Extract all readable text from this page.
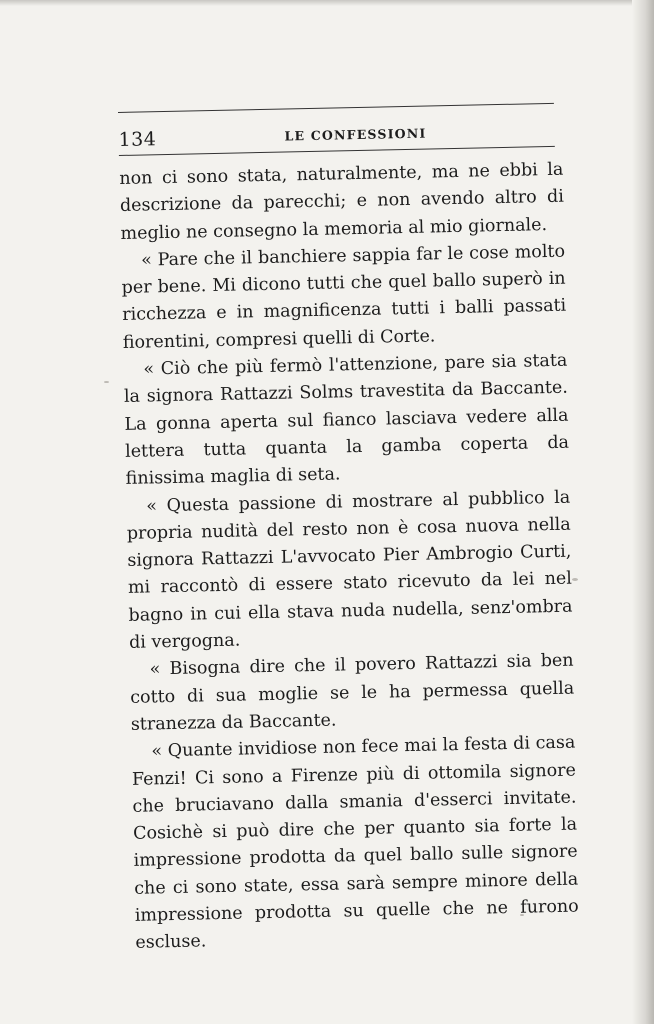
134	LE CONFESSIONI

non ci sono stata, naturalmente, ma ne ebbi la descrizione da parecchi; e non avendo altro di meglio ne consegno la memoria al mio giornale.

« Pare che il banchiere sappia far le cose molto per bene. Mi dicono tutti che quel ballo superò in ricchezza e in magnificenza tutti i balli passati fiorentini, compresi quelli di Corte.

« Ciò che più fermò l'attenzione, pare sia stata la signora Rattazzi Solms travestita da Baccante. La gonna aperta sul fianco lasciava vedere alla lettera tutta quanta la gamba coperta da finissima maglia di seta.

« Questa passione di mostrare al pubblico la propria nudità del resto non è cosa nuova nella signora Rattazzi L'avvocato Pier Ambrogio Curti, mi raccontò di essere stato ricevuto da lei nel bagno in cui ella stava nuda nudella, senz'ombra di vergogna.

« Bisogna dire che il povero Rattazzi sia ben cotto di sua moglie se le ha permessa quella stranezza da Baccante.

« Quante invidiose non fece mai la festa di casa Fenzi! Ci sono a Firenze più di ottomila signore che bruciavano dalla smania d'esserci invitate. Cosichè si può dire che per quanto sia forte la impressione prodotta da quel ballo sulle signore che ci sono state, essa sarà sempre minore della impressione prodotta su quelle che ne furono escluse.
